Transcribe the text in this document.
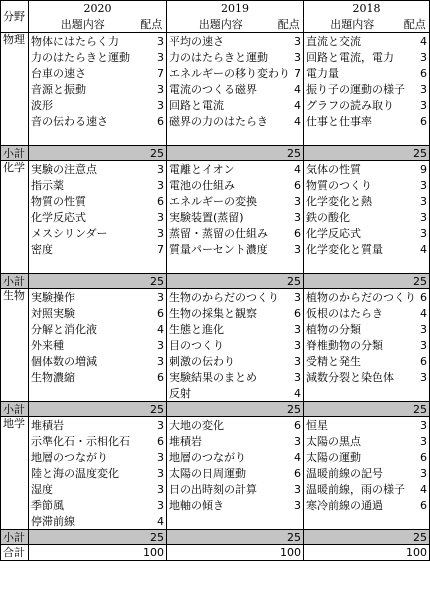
分野	2020		2019		2018	
	出題内容	配点	出題内容	配点	出題内容	配点
物理	物体にはたらく力	3	平均の速さ	3	直流と交流	4
	力のはたらきと運動	3	力のはたらきと運動	3	回路と電流，電力	3
	台車の速さ	7	エネルギーの移り変わり	7	電力量	6
	音源と振動	3	電流のつくる磁界	4	振り子の運動の様子	3
	波形	3	回路と電流	4	グラフの読み取り	3
	音の伝わる速さ	6	磁界の力のはたらき	4	仕事と仕事率	6

小計		25		25		25
化学	実験の注意点	3	電離とイオン	4	気体の性質	9
	指示薬	3	電池の仕組み	6	物質のつくり	3
	物質の性質	6	エネルギーの変換	3	化学変化と熱	3
	化学反応式	3	実験装置(蒸留)	3	鉄の酸化	3
	メスシリンダー	3	蒸留・蒸留の仕組み	6	化学反応式	3
	密度	7	質量パーセント濃度	3	化学変化と質量	4

小計		25		25		25
生物	実験操作	3	生物のからだのつくり	3	植物のからだのつくり	6
	対照実験	6	生物の採集と観察	6	仮根のはたらき	4
	分解と消化液	4	生態と進化	3	植物の分類	3
	外来種	3	目のつくり	3	脊椎動物の分類	3
	個体数の増減	3	刺激の伝わり	3	受精と発生	6
	生物濃縮	6	実験結果のまとめ	3	減数分裂と染色体	3
			反射	4		
小計		25		25		25
地学	堆積岩	3	大地の変化	6	恒星	3
	示準化石・示相化石	6	堆積岩	3	太陽の黒点	3
	地層のつながり	3	地層のつながり	4	太陽の運動	6
	陸と海の温度変化	3	太陽の日周運動	6	温暖前線の記号	3
	湿度	3	日の出時刻の計算	3	温暖前線，雨の様子	4
	季節風	3	地軸の傾き	3	寒冷前線の通過	6
	停滞前線	4				
小計		25		25		25
合計		100		100		100
